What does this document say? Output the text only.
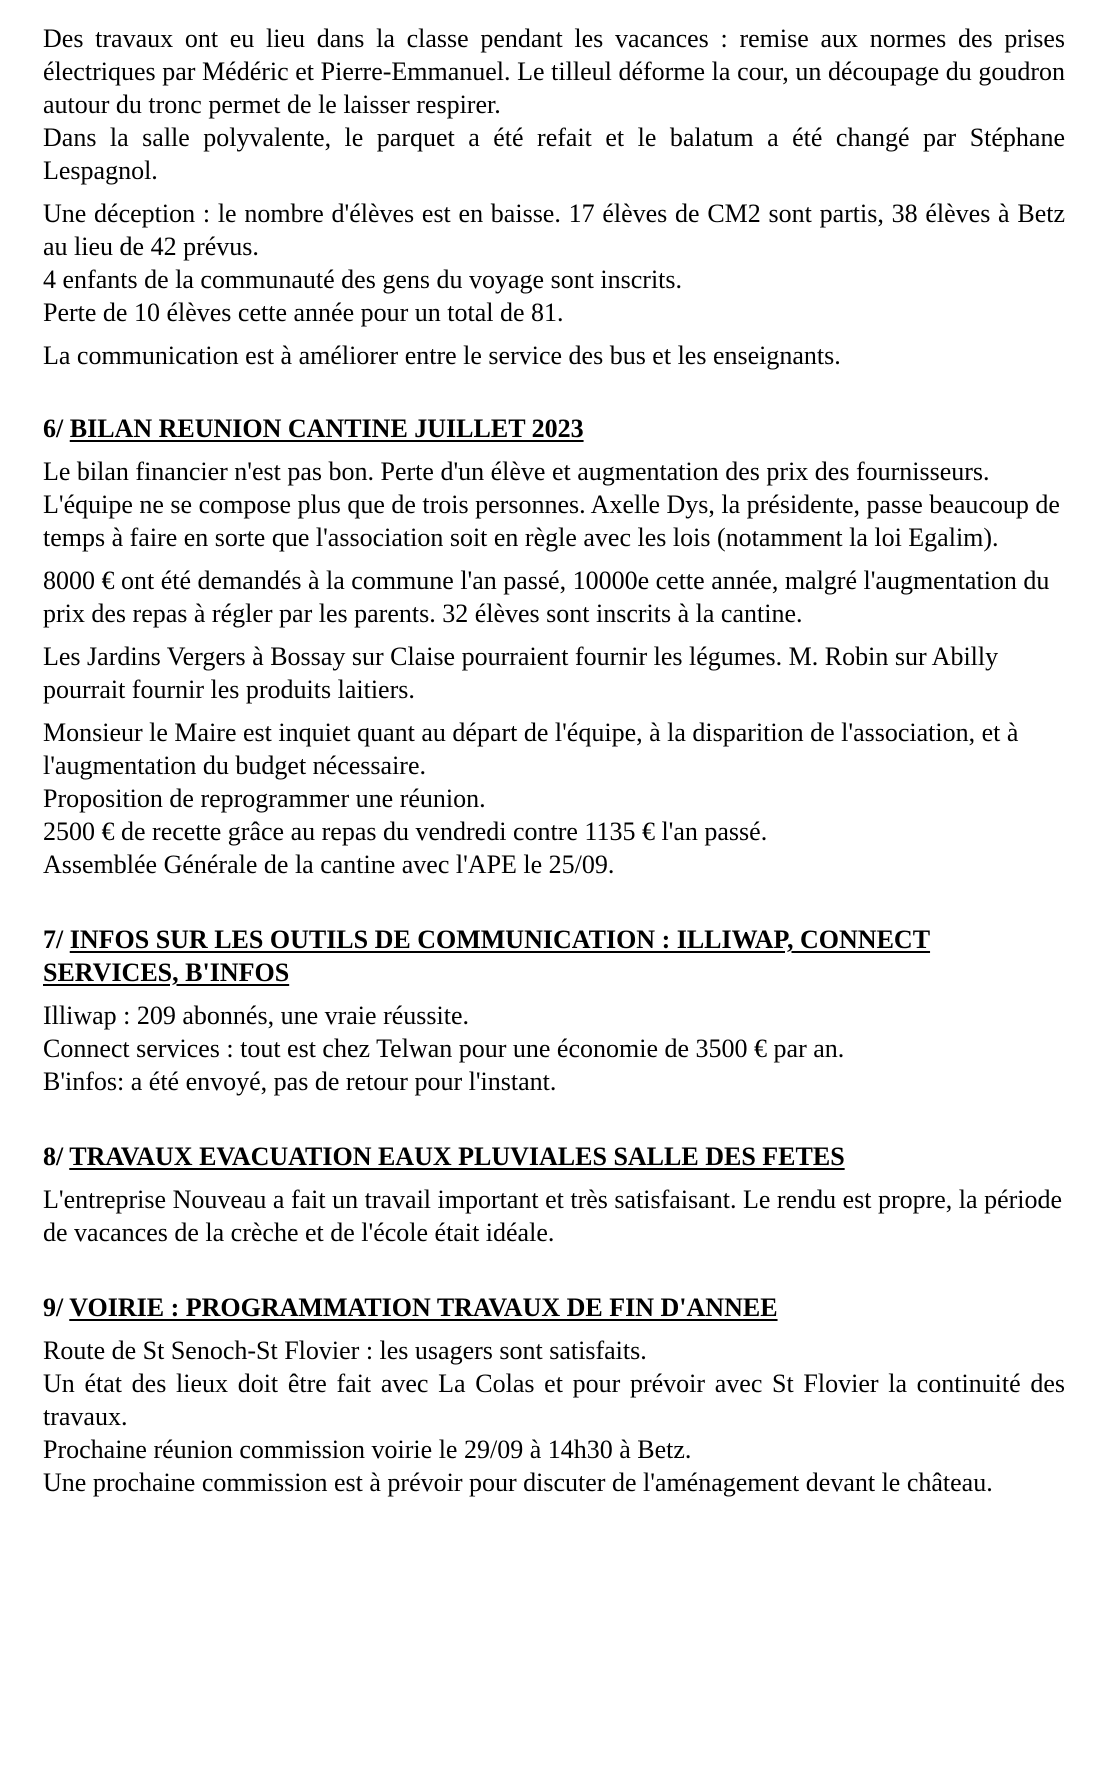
Des travaux ont eu lieu dans la classe pendant les vacances : remise aux normes des prises électriques par Médéric et Pierre-Emmanuel. Le tilleul déforme la cour, un découpage du goudron autour du tronc permet de le laisser respirer.

Dans la salle polyvalente, le parquet a été refait et le balatum a été changé par Stéphane Lespagnol.

Une déception : le nombre d'élèves est en baisse. 17 élèves de CM2 sont partis, 38 élèves à Betz au lieu de 42 prévus.

4 enfants de la communauté des gens du voyage sont inscrits.

Perte de 10 élèves cette année pour un total de 81.

La communication est à améliorer entre le service des bus et les enseignants.

6/ BILAN REUNION CANTINE JUILLET 2023

Le bilan financier n'est pas bon. Perte d'un élève et augmentation des prix des fournisseurs.

L'équipe ne se compose plus que de trois personnes. Axelle Dys, la présidente, passe beaucoup de temps à faire en sorte que l'association soit en règle avec les lois (notamment la loi Egalim).

8000 € ont été demandés à la commune l'an passé, 10000e cette année, malgré l'augmentation du prix des repas à régler par les parents. 32 élèves sont inscrits à la cantine.

Les Jardins Vergers à Bossay sur Claise pourraient fournir les légumes. M. Robin sur Abilly pourrait fournir les produits laitiers.

Monsieur le Maire est inquiet quant au départ de l'équipe, à la disparition de l'association, et à l'augmentation du budget nécessaire.

Proposition de reprogrammer une réunion.

2500 € de recette grâce au repas du vendredi contre 1135 € l'an passé.

Assemblée Générale de la cantine avec l'APE le 25/09.

7/ INFOS SUR LES OUTILS DE COMMUNICATION : ILLIWAP, CONNECT
SERVICES, B'INFOS

Illiwap : 209 abonnés, une vraie réussite.

Connect services : tout est chez Telwan pour une économie de 3500 € par an.

B'infos: a été envoyé, pas de retour pour l'instant.

8/ TRAVAUX EVACUATION EAUX PLUVIALES SALLE DES FETES

L'entreprise Nouveau a fait un travail important et très satisfaisant. Le rendu est propre, la période de vacances de la crèche et de l'école était idéale.

9/ VOIRIE : PROGRAMMATION TRAVAUX DE FIN D'ANNEE

Route de St Senoch-St Flovier : les usagers sont satisfaits.

Un état des lieux doit être fait avec La Colas et pour prévoir avec St Flovier la continuité des travaux.

Prochaine réunion commission voirie le 29/09 à 14h30 à Betz.

Une prochaine commission est à prévoir pour discuter de l'aménagement devant le château.
